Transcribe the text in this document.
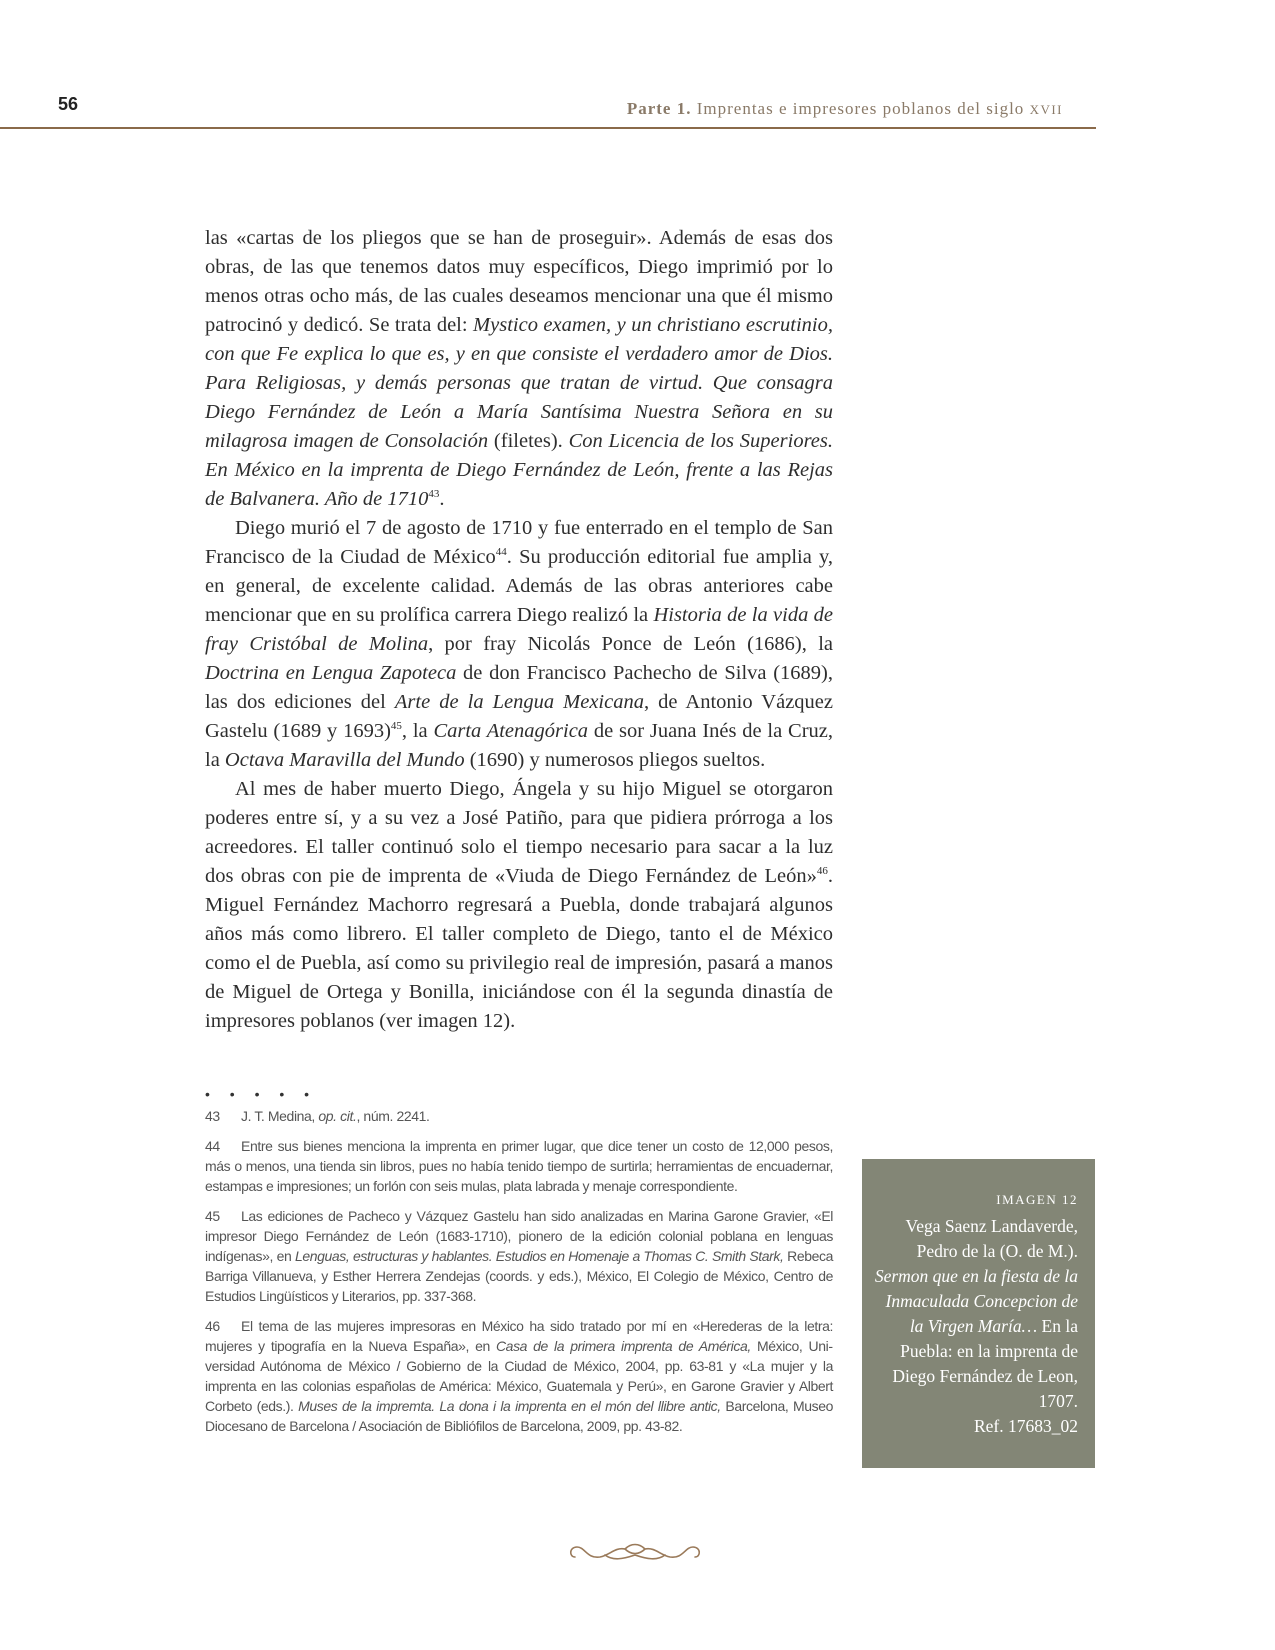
56	Parte 1. Imprentas e impresores poblanos del siglo XVII

las «cartas de los pliegos que se han de proseguir». Además de esas dos obras, de las que tenemos datos muy específicos, Diego imprimió por lo menos otras ocho más, de las cuales deseamos mencionar una que él mismo patrocinó y dedicó. Se trata del: Mystico examen, y un christiano escrutinio, con que Fe explica lo que es, y en que consiste el verdadero amor de Dios. Para Religiosas, y demás personas que tratan de virtud. Que consagra Diego Fernández de León a María Santísima Nuestra Señora en su milagrosa imagen de Consolación (filetes). Con Licencia de los Superiores. En México en la imprenta de Diego Fernández de León, frente a las Rejas de Balvanera. Año de 1710$^{43}$.

Diego murió el 7 de agosto de 1710 y fue enterrado en el templo de San Francisco de la Ciudad de México$^{44}$. Su producción editorial fue amplia y, en general, de excelente calidad. Además de las obras anteriores cabe mencionar que en su prolífica carrera Diego realizó la Historia de la vida de fray Cristóbal de Molina, por fray Nicolás Ponce de León (1686), la Doctrina en Lengua Zapoteca de don Francisco Pachecho de Silva (1689), las dos ediciones del Arte de la Lengua Mexicana, de Antonio Vázquez Gastelu (1689 y 1693)$^{45}$, la Carta Atenagórica de sor Juana Inés de la Cruz, la Octava Maravilla del Mundo (1690) y numerosos pliegos sueltos.

Al mes de haber muerto Diego, Ángela y su hijo Miguel se otorgaron poderes entre sí, y a su vez a José Patiño, para que pidiera prórroga a los acreedores. El taller continuó solo el tiempo necesario para sacar a la luz dos obras con pie de imprenta de «Viuda de Diego Fernández de León»$^{46}$. Miguel Fernández Machorro regresará a Puebla, donde trabajará algunos años más como librero. El taller completo de Diego, tanto el de México como el de Puebla, así como su privilegio real de impresión, pasará a manos de Miguel de Ortega y Bonilla, iniciándose con él la segunda dinastía de impresores poblanos (ver imagen 12).

• • • • •

43 J. T. Medina, op. cit., núm. 2241.

44 Entre sus bienes menciona la imprenta en primer lugar, que dice tener un costo de 12,000 pesos, más o menos, una tienda sin libros, pues no había tenido tiempo de surtirla; herramientas de encuadernar, estampas e impresiones; un forlón con seis mulas, plata labrada y menaje correspondiente.

45 Las ediciones de Pacheco y Vázquez Gastelu han sido analizadas en Marina Garone Gravier, «El impresor Diego Fernández de León (1683-1710), pionero de la edición colonial poblana en lenguas indígenas», en Lenguas, estructuras y hablantes. Estudios en Homenaje a Thomas C. Smith Stark, Rebeca Barriga Villanueva, y Esther Herrera Zendejas (coords. y eds.), México, El Colegio de México, Centro de Estudios Lingüísticos y Literarios, pp. 337-368.

46 El tema de las mujeres impresoras en México ha sido tratado por mí en «Herederas de la letra: mujeres y tipografía en la Nueva España», en Casa de la primera imprenta de América, México, Universidad Autónoma de México / Gobierno de la Ciudad de México, 2004, pp. 63-81 y «La mujer y la imprenta en las colonias españolas de América: México, Guatemala y Perú», en Garone Gravier y Albert Corbeto (eds.). Muses de la impremta. La dona i la imprenta en el món del llibre antic, Barcelona, Museo Diocesano de Barcelona / Asociación de Bibliófilos de Barcelona, 2009, pp. 43-82.

IMAGEN 12
Vega Saenz Landaverde, Pedro de la (O. de M.). Sermon que en la fiesta de la Inmaculada Concepcion de la Virgen María… En la Puebla: en la imprenta de Diego Fernández de Leon, 1707.
Ref. 17683_02
